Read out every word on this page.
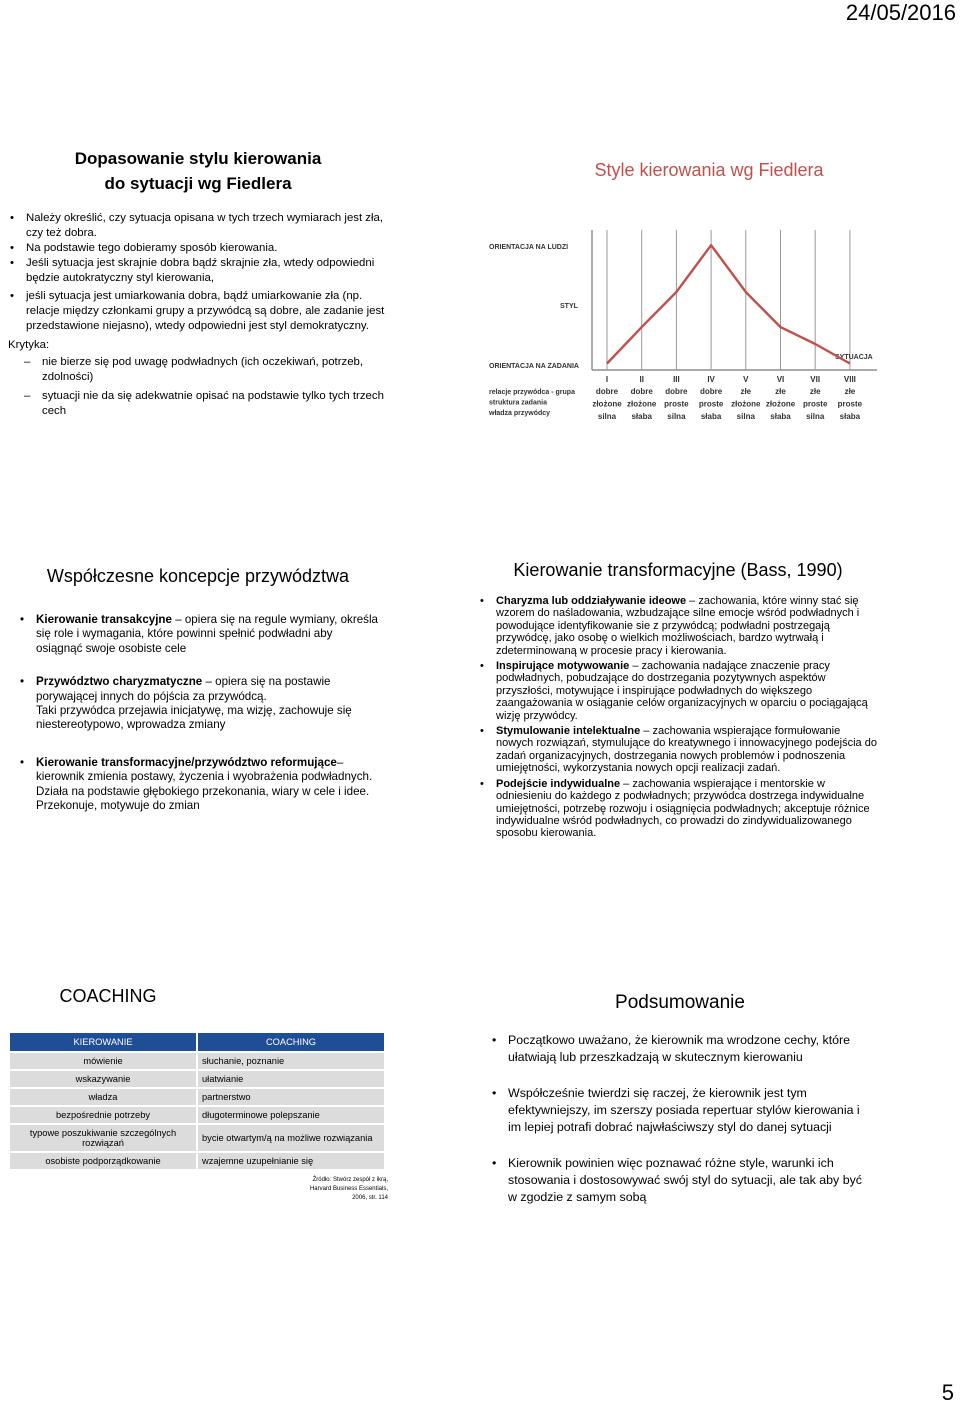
24/05/2016
5
Dopasowanie stylu kierowania
do sytuacji wg Fiedlera
• Należy określić, czy sytuacja opisana w tych trzech wymiarach jest zła, czy też dobra.
• Na podstawie tego dobieramy sposób kierowania.
• Jeśli sytuacja jest skrajnie dobra bądź skrajnie zła, wtedy odpowiedni będzie autokratyczny styl kierowania,
• jeśli sytuacja jest umiarkowania dobra, bądź umiarkowanie zła (np. relacje między członkami grupy a przywódcą są dobre, ale zadanie jest przedstawione niejasno), wtedy odpowiedni jest styl demokratyczny.
Krytyka:
– nie bierze się pod uwagę podwładnych (ich oczekiwań, potrzeb, zdolności)
– sytuacji nie da się adekwatnie opisać na podstawie tylko tych trzech cech
Style kierowania wg Fiedlera
ORIENTACJA NA LUDZI
STYL
ORIENTACJA NA ZADANIA
SYTUACJA
I	II	III	IV	V	VI	VII	VIII
relacje przywódca - grupa
struktura zadania
władza przywódcy
dobre dobre dobre dobre złe	złe	złe	złe
złożone złożone proste proste złożone złożone proste proste
silna słaba silna słaba silna słaba silna słaba
Współczesne koncepcje przywództwa
• Kierowanie transakcyjne – opiera się na regule wymiany, określa się role i wymagania, które powinni spełnić podwładni aby osiągnąć swoje osobiste cele
• Przywództwo charyzmatyczne – opiera się na postawie porywającej innych do pójścia za przywódcą.
Taki przywódca przejawia inicjatywę, ma wizję, zachowuje się niestereotypowo, wprowadza zmiany
• Kierowanie transformacyjne/przywództwo reformujące– kierownik zmienia postawy, życzenia i wyobrażenia podwładnych. Działa na podstawie głębokiego przekonania, wiary w cele i idee. Przekonuje, motywuje do zmian
Kierowanie transformacyjne (Bass, 1990)
• Charyzma lub oddziaływanie ideowe – zachowania, które winny stać się wzorem do naśladowania, wzbudzające silne emocje wśród podwładnych i powodujące identyfikowanie sie z przywódcą; podwładni postrzegają przywódcę, jako osobę o wielkich możliwościach, bardzo wytrwałą i zdeterminowaną w procesie pracy i kierowania.
• Inspirujące motywowanie – zachowania nadające znaczenie pracy podwładnych, pobudzające do dostrzegania pozytywnych aspektów przyszłości, motywujące i inspirujące podwładnych do większego zaangażowania w osiąganie celów organizacyjnych w oparciu o pociągającą wizję przywódcy.
• Stymulowanie intelektualne – zachowania wspierające formułowanie nowych rozwiązań, stymulujące do kreatywnego i innowacyjnego podejścia do zadań organizacyjnych, dostrzegania nowych problemów i podnoszenia umiejętności, wykorzystania nowych opcji realizacji zadań.
• Podejście indywidualne – zachowania wspierające i mentorskie w odniesieniu do każdego z podwładnych; przywódca dostrzega indywidualne umiejętności, potrzebę rozwoju i osiągnięcia podwładnych; akceptuje różnice indywidualne wśród podwładnych, co prowadzi do zindywidualizowanego sposobu kierowania.
COACHING
KIEROWANIE	COACHING
mówienie	słuchanie, poznanie
wskazywanie	ułatwianie
władza	partnerstwo
bezpośrednie potrzeby	długoterminowe polepszanie
typowe poszukiwanie szczególnych rozwiązań	bycie otwartym/ą na możliwe rozwiązania
osobiste podporządkowanie	wzajemne uzupełnianie się
Źródło: Stwórz zespół z ikrą,
Harvard Business Essentials,
2006, str. 114
Podsumowanie
• Początkowo uważano, że kierownik ma wrodzone cechy, które ułatwiają lub przeszkadzają w skutecznym kierowaniu
• Współcześnie twierdzi się raczej, że kierownik jest tym efektywniejszy, im szerszy posiada repertuar stylów kierowania i im lepiej potrafi dobrać najwłaściwszy styl do danej sytuacji
• Kierownik powinien więc poznawać różne style, warunki ich stosowania i dostosowywać swój styl do sytuacji, ale tak aby być w zgodzie z samym sobą
